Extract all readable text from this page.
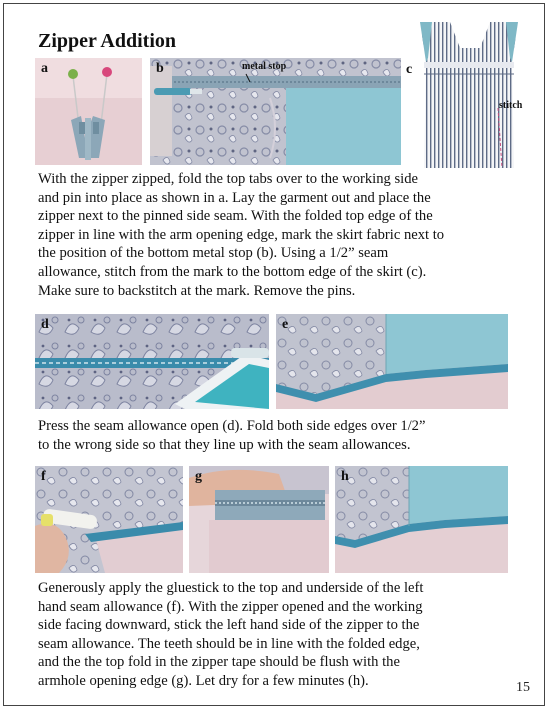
Zipper Addition
a	b	metal stop	c
stitch
With the zipper zipped, fold the top tabs over to the working side
and pin into place as shown in a. Lay the garment out and place the
zipper next to the pinned side seam. With the folded top edge of the
zipper in line with the arm opening edge, mark the skirt fabric next to
the position of the bottom metal stop (b). Using a 1/2” seam
allowance, stitch from the mark to the bottom edge of the skirt (c).
Make sure to backstitch at the mark. Remove the pins.
d	e
Press the seam allowance open (d). Fold both side edges over 1/2”
to the wrong side so that they line up with the seam allowances.
f	g	h
Generously apply the gluestick to the top and underside of the left
hand seam allowance (f). With the zipper opened and the working
side facing downward, stick the left hand side of the zipper to the
seam allowance. The teeth should be in line with the folded edge,
and the the top fold in the zipper tape should be flush with the
armhole opening edge (g). Let dry for a few minutes (h).	15
